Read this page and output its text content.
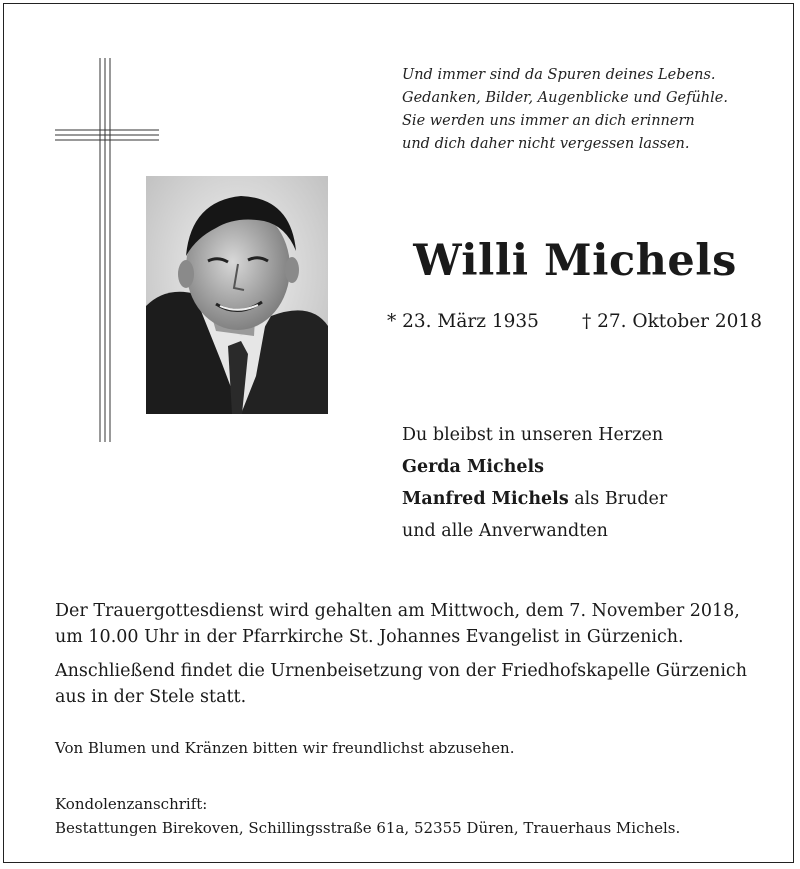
Und immer sind da Spuren deines Lebens.
Gedanken, Bilder, Augenblicke und Gefühle.
Sie werden uns immer an dich erinnern
und dich daher nicht vergessen lassen.
Willi Michels
* 23. März 1935 † 27. Oktober 2018
Du bleibst in unseren Herzen
Gerda Michels
Manfred Michels als Bruder
und alle Anverwandten

Der Trauergottesdienst wird gehalten am Mittwoch, dem 7. November 2018,
um 10.00 Uhr in der Pfarrkirche St. Johannes Evangelist in Gürzenich.

Anschließend findet die Urnenbeisetzung von der Friedhofskapelle Gürzenich
aus in der Stele statt.

Von Blumen und Kränzen bitten wir freundlichst abzusehen.
Kondolenzanschrift:
Bestattungen Birekoven, Schillingsstraße 61a, 52355 Düren, Trauerhaus Michels.
